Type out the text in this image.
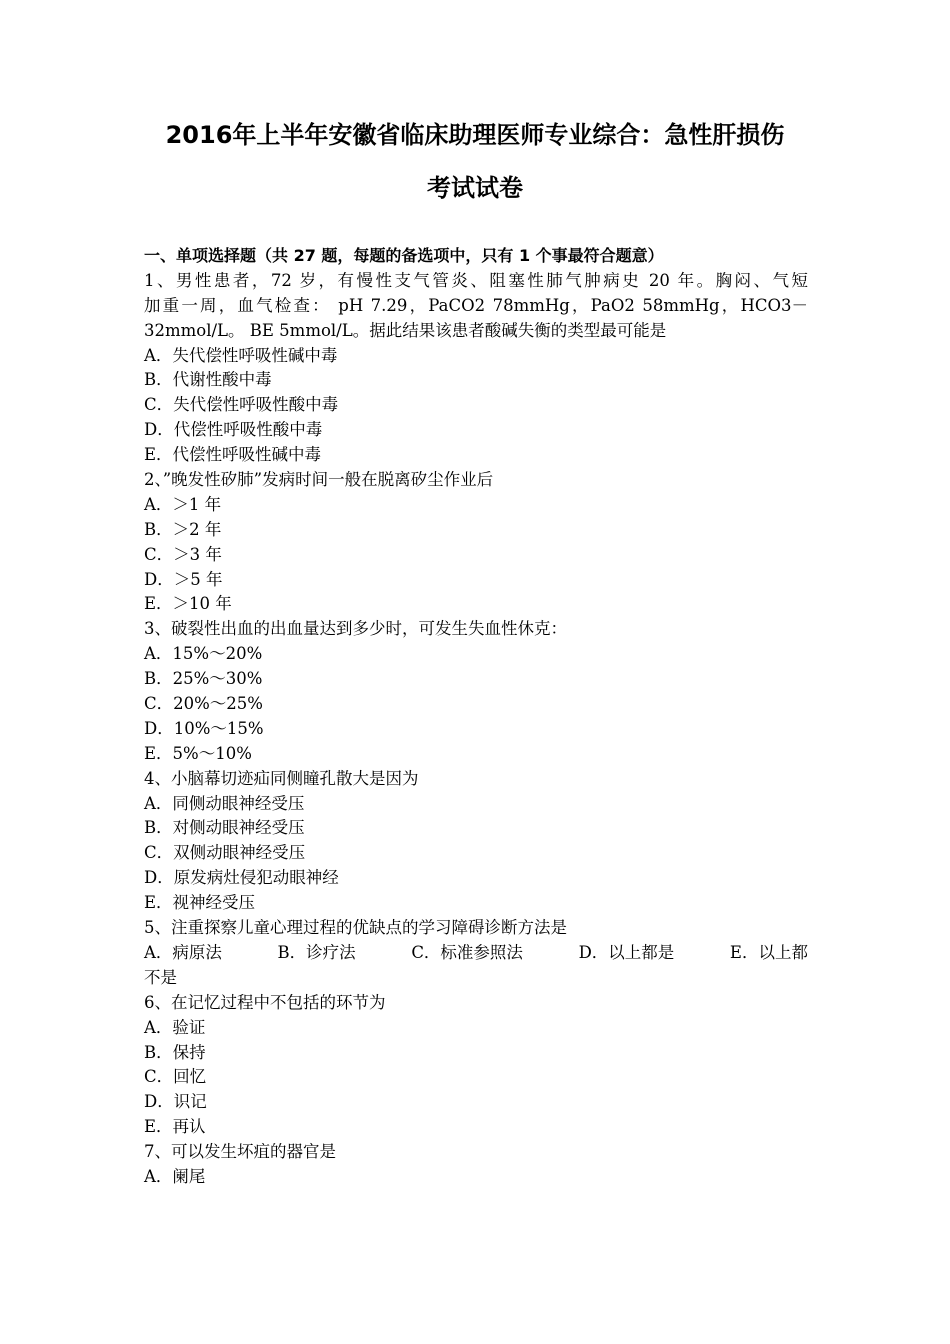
2016年上半年安徽省临床助理医师专业综合：急性肝损伤
考试试卷
一、单项选择题（共 27 题，每题的备选项中，只有 1 个事最符合题意）
1、男性患者，72 岁，有慢性支气管炎、阻塞性肺气肿病史 20 年。胸闷、气短
加重一周，血气检查： pH 7.29，PaCO2 78mmHg，PaO2 58mmHg，HCO3－
32mmol/L。 BE 5mmol/L。据此结果该患者酸碱失衡的类型最可能是
A．失代偿性呼吸性碱中毒
B．代谢性酸中毒
C．失代偿性呼吸性酸中毒
D．代偿性呼吸性酸中毒
E．代偿性呼吸性碱中毒
2、”晚发性矽肺”发病时间一般在脱离矽尘作业后
A．＞1 年
B．＞2 年
C．＞3 年
D．＞5 年
E．＞10 年
3、破裂性出血的出血量达到多少时，可发生失血性休克：
A．15%～20%
B．25%～30%
C．20%～25%
D．10%～15%
E．5%～10%
4、小脑幕切迹疝同侧瞳孔散大是因为
A．同侧动眼神经受压
B．对侧动眼神经受压
C．双侧动眼神经受压
D．原发病灶侵犯动眼神经
E．视神经受压
5、注重探察儿童心理过程的优缺点的学习障碍诊断方法是
A．病原法	B．诊疗法	C．标准参照法	D．以上都是	E．以上都
不是
6、在记忆过程中不包括的环节为
A．验证
B．保持
C．回忆
D．识记
E．再认
7、可以发生坏疽的器官是
A．阑尾
